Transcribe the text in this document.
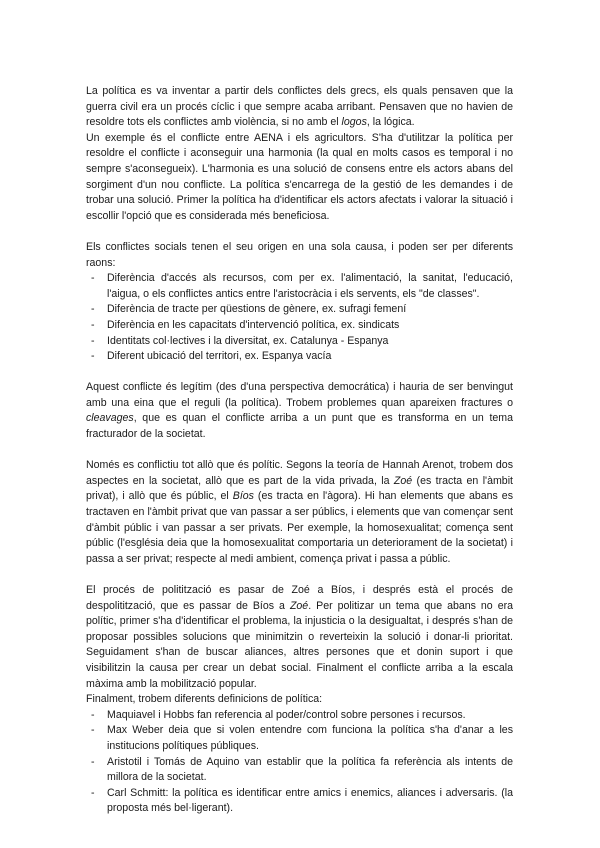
La política es va inventar a partir dels conflictes dels grecs, els quals pensaven que la guerra civil era un procés cíclic i que sempre acaba arribant. Pensaven que no havien de resoldre tots els conflictes amb violència, si no amb el logos, la lógica.

Un exemple és el conflicte entre AENA i els agricultors. S'ha d'utilitzar la política per resoldre el conflicte i aconseguir una harmonia (la qual en molts casos es temporal i no sempre s'aconsegueix). L'harmonia es una solució de consens entre els actors abans del sorgiment d'un nou conflicte. La política s'encarrega de la gestió de les demandes i de trobar una solució. Primer la política ha d'identificar els actors afectats i valorar la situació i escollir l'opció que es considerada més beneficiosa.

Els conflictes socials tenen el seu origen en una sola causa, i poden ser per diferents raons:

- Diferència d'accés als recursos, com per ex. l'alimentació, la sanitat, l'educació, l'aigua, o els conflictes antics entre l'aristocràcia i els servents, els "de classes".
- Diferència de tracte per qüestions de gènere, ex. sufragi femení
- Diferència en les capacitats d'intervenció política, ex. sindicats
- Identitats col·lectives i la diversitat, ex. Catalunya - Espanya
- Diferent ubicació del territori, ex. Espanya vacía

Aquest conflicte és legítim (des d'una perspectiva democrática) i hauria de ser benvingut amb una eina que el reguli (la política). Trobem problemes quan apareixen fractures o cleavages, que es quan el conflicte arriba a un punt que es transforma en un tema fracturador de la societat.

Només es conflictiu tot allò que és polític. Segons la teoría de Hannah Arenot, trobem dos aspectes en la societat, allò que es part de la vida privada, la Zoé (es tracta en l'àmbit privat), i allò que és públic, el Bíos (es tracta en l'àgora). Hi han elements que abans es tractaven en l'àmbit privat que van passar a ser públics, i elements que van començar sent d'àmbit públic i van passar a ser privats. Per exemple, la homosexualitat; comença sent públic (l'església deia que la homosexualitat comportaria un deteriorament de la societat) i passa a ser privat; respecte al medi ambient, comença privat i passa a públic.

El procés de politització es pasar de Zoé a Bíos, i després està el procés de despolitització, que es passar de Bíos a Zoé. Per politizar un tema que abans no era polític, primer s'ha d'identificar el problema, la injusticia o la desigualtat, i després s'han de proposar possibles solucions que minimitzin o reverteixin la solució i donar-li prioritat. Seguidament s'han de buscar aliances, altres persones que et donin suport i que visibilitzin la causa per crear un debat social. Finalment el conflicte arriba a la escala màxima amb la mobilització popular.

Finalment, trobem diferents definicions de política:

- Maquiavel i Hobbs fan referencia al poder/control sobre persones i recursos.
- Max Weber deia que si volen entendre com funciona la política s'ha d'anar a les institucions polítiques públiques.
- Aristotil i Tomás de Aquino van establir que la política fa referència als intents de millora de la societat.
- Carl Schmitt: la política es identificar entre amics i enemics, aliances i adversaris. (la proposta més bel·ligerant).
